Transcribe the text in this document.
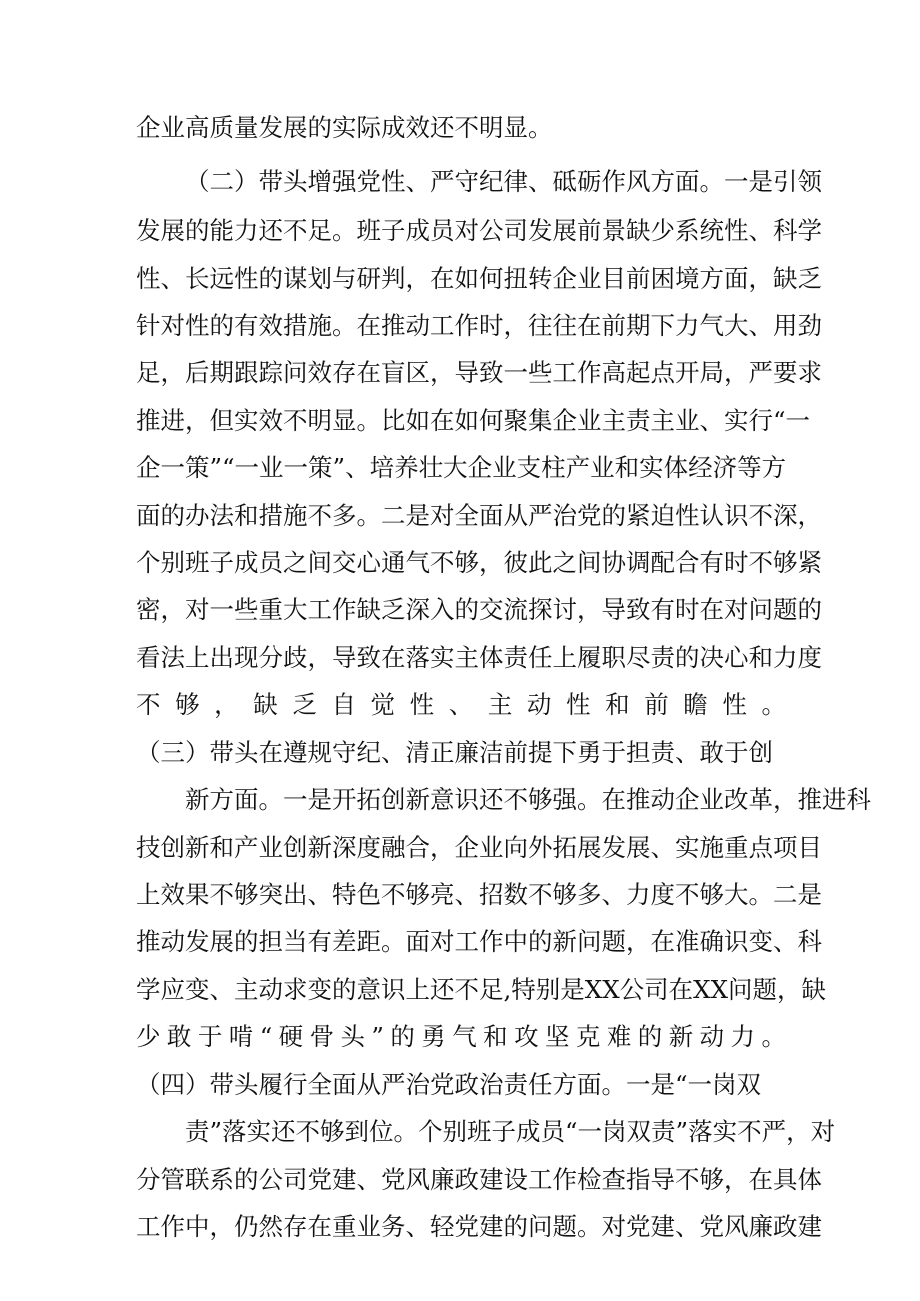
企业高质量发展的实际成效还不明显。
（二）带头增强党性、严守纪律、砥砺作风方面。一是引领
发展的能力还不足。班子成员对公司发展前景缺少系统性、科学
性、长远性的谋划与研判，在如何扭转企业目前困境方面，缺乏
针对性的有效措施。在推动工作时，往往在前期下力气大、用劲
足，后期跟踪问效存在盲区，导致一些工作高起点开局，严要求
推进，但实效不明显。比如在如何聚集企业主责主业、实行“一
企一策”“一业一策”、培养壮大企业支柱产业和实体经济等方
面的办法和措施不多。二是对全面从严治党的紧迫性认识不深，
个别班子成员之间交心通气不够，彼此之间协调配合有时不够紧
密，对一些重大工作缺乏深入的交流探讨，导致有时在对问题的
看法上出现分歧，导致在落实主体责任上履职尽责的决心和力度
不够，缺乏自觉性、主动性和前瞻性。
（三）带头在遵规守纪、清正廉洁前提下勇于担责、敢于创
新方面。一是开拓创新意识还不够强。在推动企业改革，推进科
技创新和产业创新深度融合，企业向外拓展发展、实施重点项目
上效果不够突出、特色不够亮、招数不够多、力度不够大。二是
推动发展的担当有差距。面对工作中的新问题，在准确识变、科
学应变、主动求变的意识上还不足,特别是XX公司在XX问题，缺
少敢于啃“硬骨头”的勇气和攻坚克难的新动力。
（四）带头履行全面从严治党政治责任方面。一是“一岗双
责”落实还不够到位。个别班子成员“一岗双责”落实不严，对
分管联系的公司党建、党风廉政建设工作检查指导不够，在具体
工作中，仍然存在重业务、轻党建的问题。对党建、党风廉政建
